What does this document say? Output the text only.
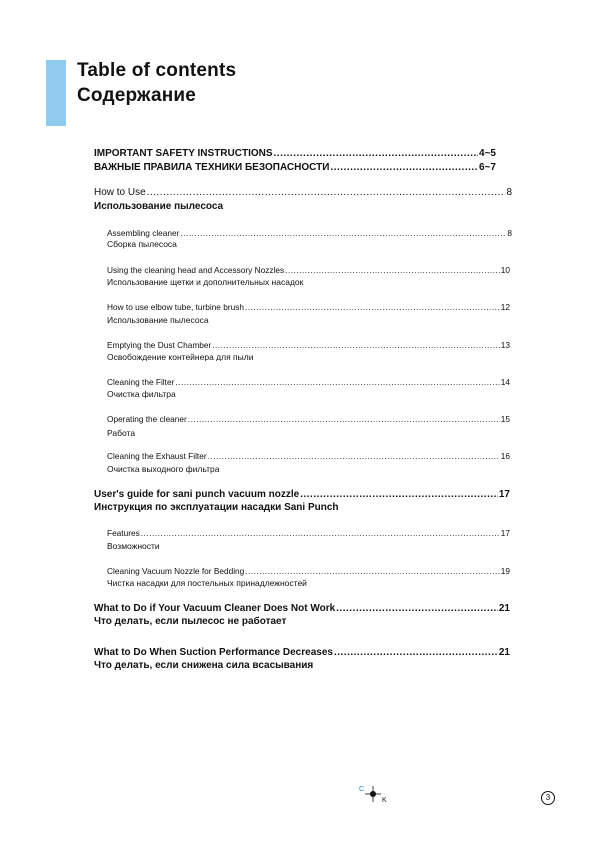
Table of contents
Содержание
IMPORTANT SAFETY INSTRUCTIONS .....	4~5
ВАЖНЫЕ ПРАВИЛА ТЕХНИКИ БЕЗОПАСНОСТИ .....	6~7
How to Use .....	8
Использование пылесоса
Assembling cleaner .....	8
Сборка пылесоса
Using the cleaning head and Accessory Nozzles .....	10
Использование щетки и дополнительных насадок
How to use elbow tube, turbine brush .....	12
Использование пылесоса
Emptying the Dust Chamber .....	13
Освобождение контейнера для пыли
Cleaning the Filter .....	14
Очистка фильтра
Operating the cleaner .....	15
Работа
Cleaning the Exhaust Filter .....	16
Очистка выходного фильтра
User's guide for sani punch vacuum nozzle .....	17
Инструкция по эксплуатации насадки Sani Punch
Features .....	17
Возможности
Cleaning Vacuum Nozzle for Bedding .....	19
Чистка насадки для постельных принадлежностей
What to Do if Your Vacuum Cleaner Does Not Work .....	21
Что делать, если пылесос не работает
What to Do When Suction Performance Decreases .....	21
Что делать, если снижена сила всасывания
C
K	3
